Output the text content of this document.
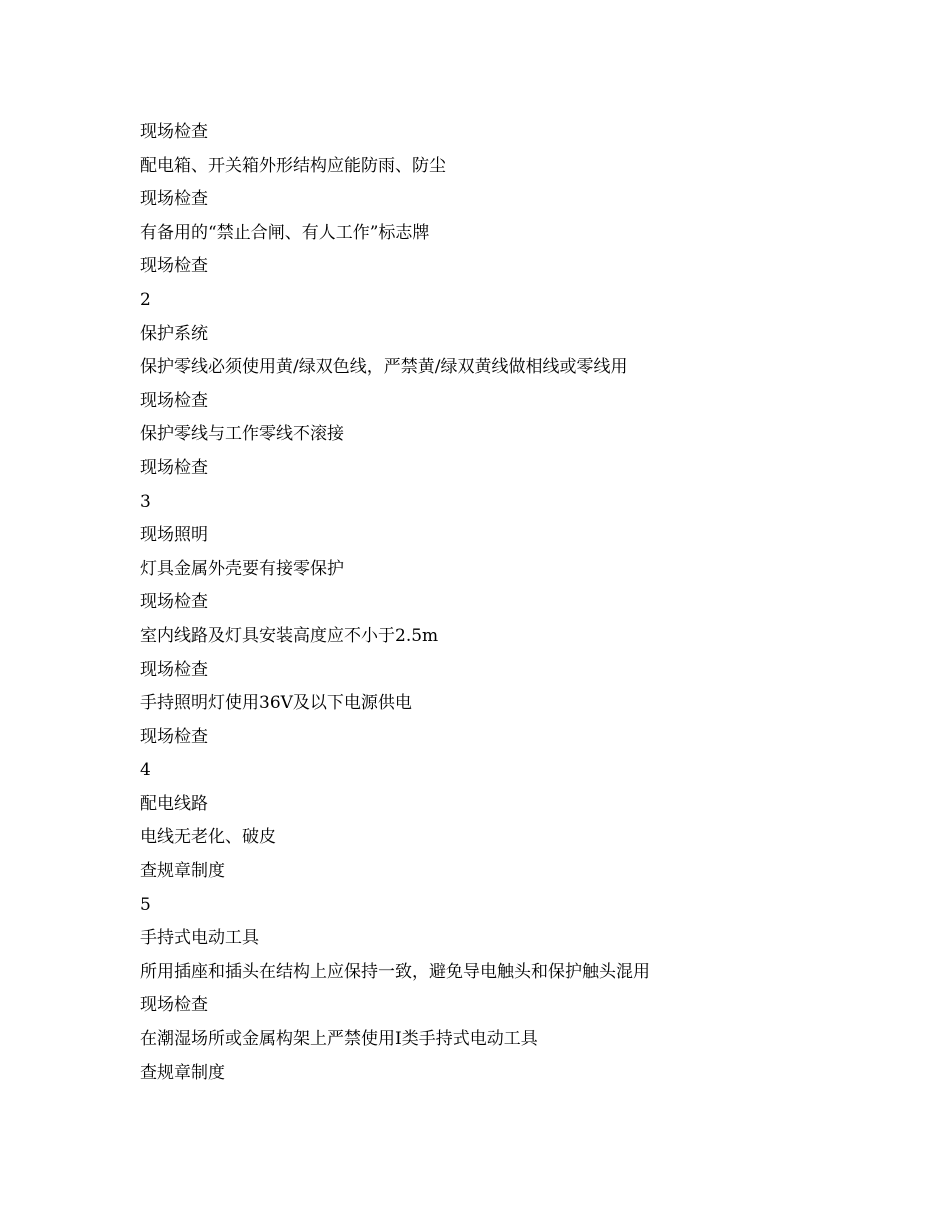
现场检查
配电箱、开关箱外形结构应能防雨、防尘
现场检查
有备用的“禁止合闸、有人工作”标志牌
现场检查
2
保护系统
保护零线必须使用黄/绿双色线，严禁黄/绿双黄线做相线或零线用
现场检查
保护零线与工作零线不滚接
现场检查
3
现场照明
灯具金属外壳要有接零保护
现场检查
室内线路及灯具安装高度应不小于2.5m
现场检查
手持照明灯使用36V及以下电源供电
现场检查
4
配电线路
电线无老化、破皮
查规章制度
5
手持式电动工具
所用插座和插头在结构上应保持一致，避免导电触头和保护触头混用
现场检查
在潮湿场所或金属构架上严禁使用I类手持式电动工具
查规章制度
